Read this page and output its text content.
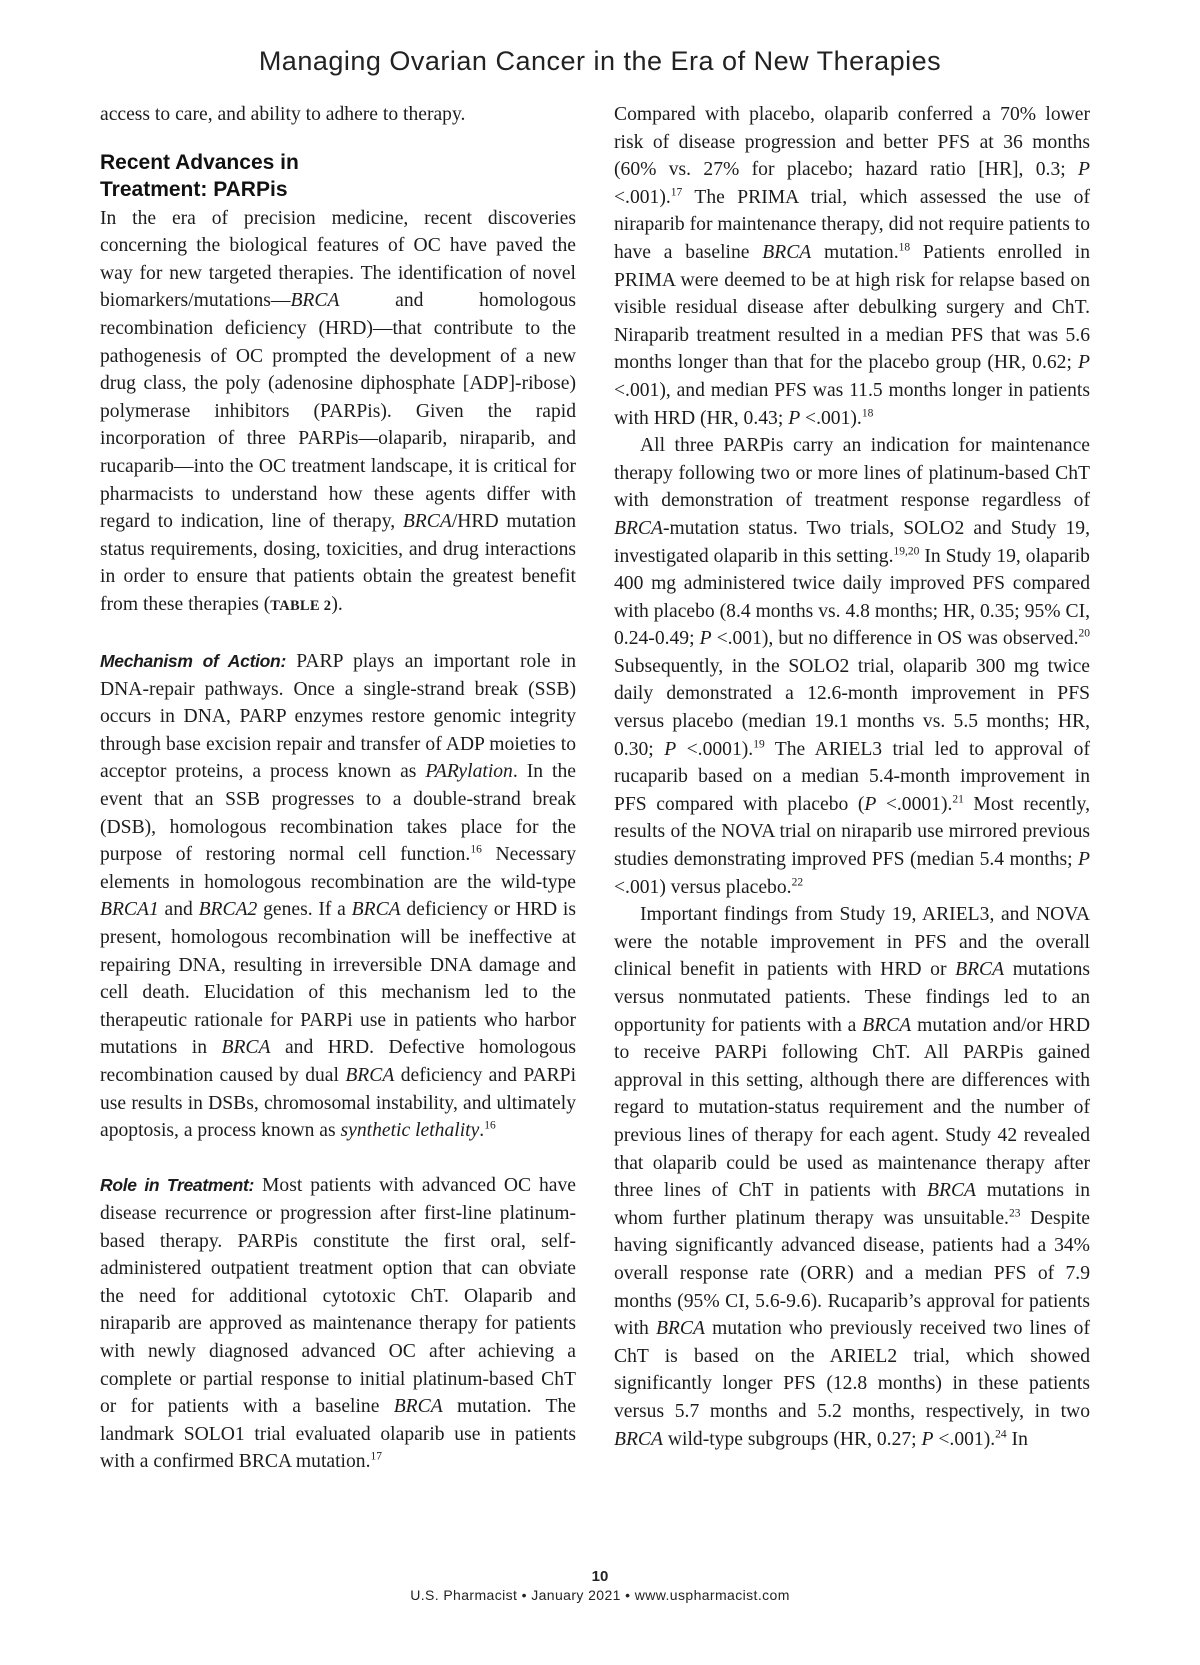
Managing Ovarian Cancer in the Era of New Therapies

access to care, and ability to adhere to therapy.

Recent Advances in
Treatment: PARPis

In the era of precision medicine, recent discoveries concerning the biological features of OC have paved the way for new targeted therapies. The identification of novel biomarkers/mutations—BRCA and homologous recombination deficiency (HRD)—that contribute to the pathogenesis of OC prompted the development of a new drug class, the poly (adenosine diphosphate [ADP]-ribose) polymerase inhibitors (PARPis). Given the rapid incorporation of three PARPis—olaparib, niraparib, and rucaparib—into the OC treatment landscape, it is critical for pharmacists to understand how these agents differ with regard to indication, line of therapy, BRCA/HRD mutation status requirements, dosing, toxicities, and drug interactions in order to ensure that patients obtain the greatest benefit from these therapies (TABLE 2).

Mechanism of Action: PARP plays an important role in DNA-repair pathways. Once a single-strand break (SSB) occurs in DNA, PARP enzymes restore genomic integrity through base excision repair and transfer of ADP moieties to acceptor proteins, a process known as PARylation. In the event that an SSB progresses to a double-strand break (DSB), homologous recombination takes place for the purpose of restoring normal cell function.$^{16}$ Necessary elements in homologous recombination are the wild-type BRCA1 and BRCA2 genes. If a BRCA deficiency or HRD is present, homologous recombination will be ineffective at repairing DNA, resulting in irreversible DNA damage and cell death. Elucidation of this mechanism led to the therapeutic rationale for PARPi use in patients who harbor mutations in BRCA and HRD. Defective homologous recombination caused by dual BRCA deficiency and PARPi use results in DSBs, chromosomal instability, and ultimately apoptosis, a process known as synthetic lethality.$^{16}$

Role in Treatment: Most patients with advanced OC have disease recurrence or progression after first-line platinum-based therapy. PARPis constitute the first oral, self-administered outpatient treatment option that can obviate the need for additional cytotoxic ChT. Olaparib and niraparib are approved as maintenance therapy for patients with newly diagnosed advanced OC after achieving a complete or partial response to initial platinum-based ChT or for patients with a baseline BRCA mutation. The landmark SOLO1 trial evaluated olaparib use in patients with a confirmed BRCA mutation.$^{17}$

Compared with placebo, olaparib conferred a 70% lower risk of disease progression and better PFS at 36 months (60% vs. 27% for placebo; hazard ratio [HR], 0.3; P <.001).$^{17}$ The PRIMA trial, which assessed the use of niraparib for maintenance therapy, did not require patients to have a baseline BRCA mutation.$^{18}$ Patients enrolled in PRIMA were deemed to be at high risk for relapse based on visible residual disease after debulking surgery and ChT. Niraparib treatment resulted in a median PFS that was 5.6 months longer than that for the placebo group (HR, 0.62; P <.001), and median PFS was 11.5 months longer in patients with HRD (HR, 0.43; P <.001).$^{18}$

All three PARPis carry an indication for maintenance therapy following two or more lines of platinum-based ChT with demonstration of treatment response regardless of BRCA-mutation status. Two trials, SOLO2 and Study 19, investigated olaparib in this setting.$^{19,20}$ In Study 19, olaparib 400 mg administered twice daily improved PFS compared with placebo (8.4 months vs. 4.8 months; HR, 0.35; 95% CI, 0.24-0.49; P <.001), but no difference in OS was observed.$^{20}$ Subsequently, in the SOLO2 trial, olaparib 300 mg twice daily demonstrated a 12.6-month improvement in PFS versus placebo (median 19.1 months vs. 5.5 months; HR, 0.30; P <.0001).$^{19}$ The ARIEL3 trial led to approval of rucaparib based on a median 5.4-month improvement in PFS compared with placebo (P <.0001).$^{21}$ Most recently, results of the NOVA trial on niraparib use mirrored previous studies demonstrating improved PFS (median 5.4 months; P <.001) versus placebo.$^{22}$

Important findings from Study 19, ARIEL3, and NOVA were the notable improvement in PFS and the overall clinical benefit in patients with HRD or BRCA mutations versus nonmutated patients. These findings led to an opportunity for patients with a BRCA mutation and/or HRD to receive PARPi following ChT. All PARPis gained approval in this setting, although there are differences with regard to mutation-status requirement and the number of previous lines of therapy for each agent. Study 42 revealed that olaparib could be used as maintenance therapy after three lines of ChT in patients with BRCA mutations in whom further platinum therapy was unsuitable.$^{23}$ Despite having significantly advanced disease, patients had a 34% overall response rate (ORR) and a median PFS of 7.9 months (95% CI, 5.6-9.6). Rucaparib’s approval for patients with BRCA mutation who previously received two lines of ChT is based on the ARIEL2 trial, which showed significantly longer PFS (12.8 months) in these patients versus 5.7 months and 5.2 months, respectively, in two BRCA wild-type subgroups (HR, 0.27; P <.001).$^{24}$ In

10
U.S. Pharmacist • January 2021 • www.uspharmacist.com
